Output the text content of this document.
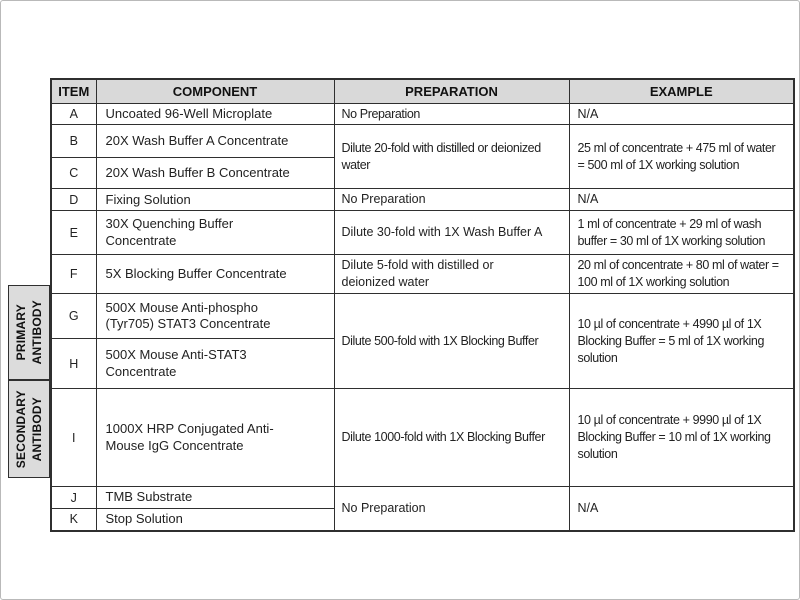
PRIMARY ANTIBODY
SECONDARY ANTIBODY
ITEM	COMPONENT	PREPARATION	EXAMPLE
A	Uncoated 96-Well Microplate	No Preparation	N/A
B	20X Wash Buffer A Concentrate	Dilute 20-fold with distilled or deionized water	25 ml of concentrate + 475 ml of water = 500 ml of 1X working solution
C	20X Wash Buffer B Concentrate		
D	Fixing Solution	No Preparation	N/A
E	30X Quenching Buffer Concentrate	Dilute 30-fold with 1X Wash Buffer A	1 ml of concentrate + 29 ml of wash buffer = 30 ml of 1X working solution
F	5X Blocking Buffer Concentrate	Dilute 5-fold with distilled or deionized water	20 ml of concentrate + 80 ml of water = 100 ml of 1X working solution
G	500X Mouse Anti-phospho (Tyr705) STAT3 Concentrate	Dilute 500-fold with 1X Blocking Buffer	10 µl of concentrate + 4990 µl of 1X Blocking Buffer = 5 ml of 1X working solution
H	500X Mouse Anti-STAT3 Concentrate		
I	1000X HRP Conjugated Anti-Mouse IgG Concentrate	Dilute 1000-fold with 1X Blocking Buffer	10 µl of concentrate + 9990 µl of 1X Blocking Buffer = 10 ml of 1X working solution
J	TMB Substrate	No Preparation	N/A
K	Stop Solution		
